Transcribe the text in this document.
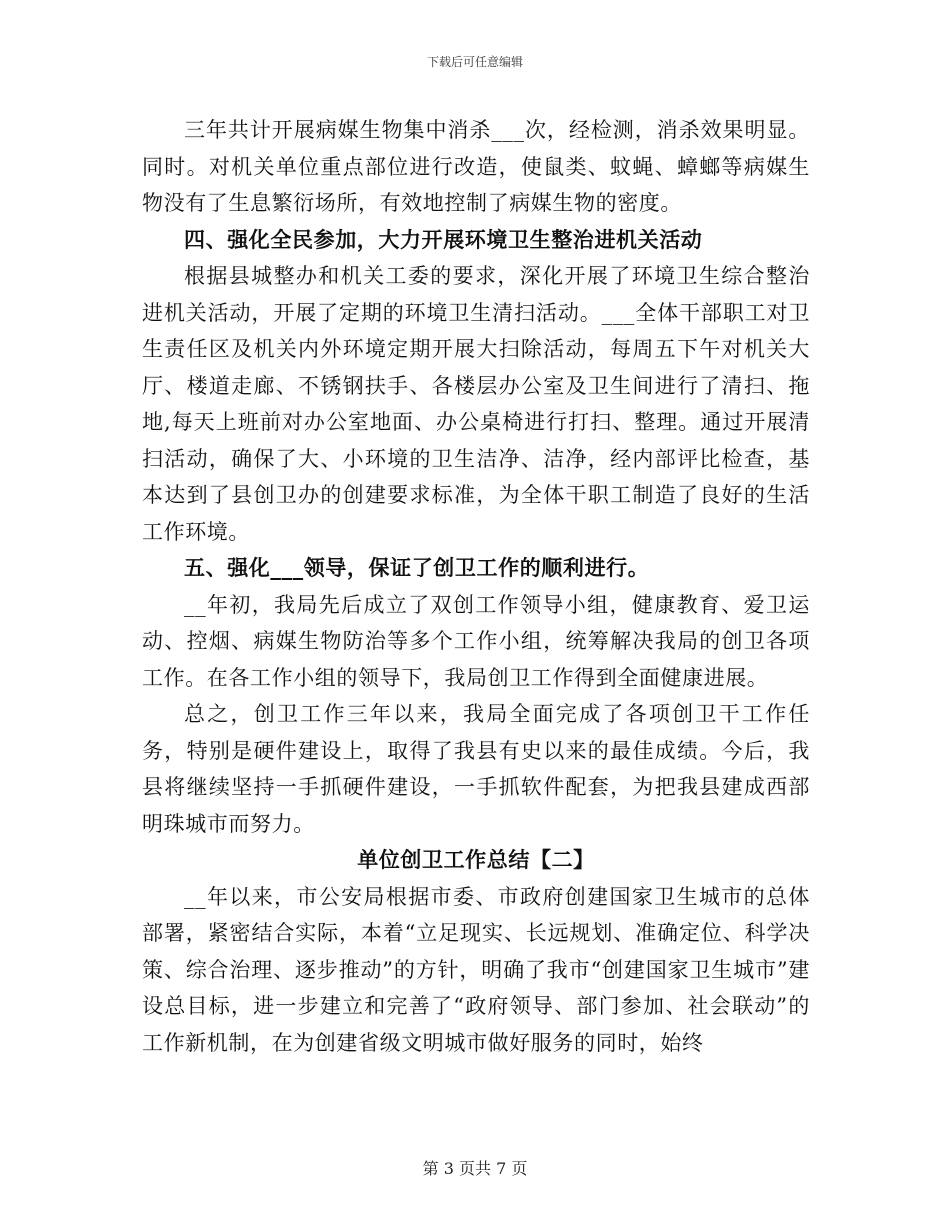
下载后可任意编辑

三年共计开展病媒生物集中消杀___次，经检测，消杀效果明显。同时。对机关单位重点部位进行改造，使鼠类、蚊蝇、蟑螂等病媒生物没有了生息繁衍场所，有效地控制了病媒生物的密度。

四、强化全民参加，大力开展环境卫生整治进机关活动

根据县城整办和机关工委的要求，深化开展了环境卫生综合整治进机关活动，开展了定期的环境卫生清扫活动。___全体干部职工对卫生责任区及机关内外环境定期开展大扫除活动，每周五下午对机关大厅、楼道走廊、不锈钢扶手、各楼层办公室及卫生间进行了清扫、拖地,每天上班前对办公室地面、办公桌椅进行打扫、整理。通过开展清扫活动，确保了大、小环境的卫生洁净、洁净，经内部评比检查，基本达到了县创卫办的创建要求标准，为全体干职工制造了良好的生活工作环境。

五、强化___领导，保证了创卫工作的顺利进行。

__年初，我局先后成立了双创工作领导小组，健康教育、爱卫运动、控烟、病媒生物防治等多个工作小组，统筹解决我局的创卫各项工作。在各工作小组的领导下，我局创卫工作得到全面健康进展。

总之，创卫工作三年以来，我局全面完成了各项创卫干工作任务，特别是硬件建设上，取得了我县有史以来的最佳成绩。今后，我县将继续坚持一手抓硬件建设，一手抓软件配套，为把我县建成西部明珠城市而努力。

单位创卫工作总结【二】

__年以来，市公安局根据市委、市政府创建国家卫生城市的总体部署，紧密结合实际，本着“立足现实、长远规划、准确定位、科学决策、综合治理、逐步推动”的方针，明确了我市“创建国家卫生城市”建设总目标，进一步建立和完善了“政府领导、部门参加、社会联动”的工作新机制，在为创建省级文明城市做好服务的同时，始终

第 3 页共 7 页
